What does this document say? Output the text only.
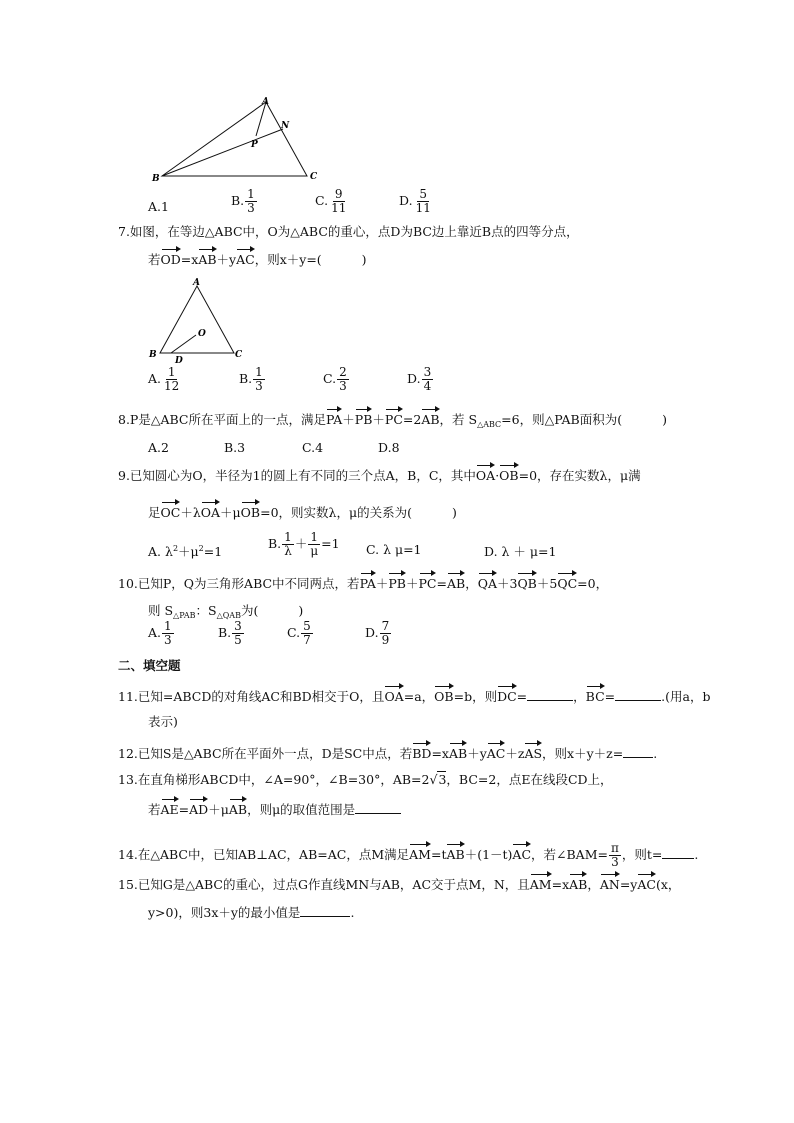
A
N
P
B	C
A.1	B. $\frac{1}{3}$	C. $\frac{9}{11}$	D. $\frac{5}{11}$
7.如图，在等边△ABC中，O为△ABC的重心，点D为BC边上靠近B点的四等分点，
若OD=xAB＋yAC，则x＋y=(	)
A
O
B
D
C
A. $\frac{1}{12}$	B. $\frac{1}{3}$	C. $\frac{2}{3}$	D. $\frac{3}{4}$
8.P是△ABC所在平面上的一点，满足PA＋PB＋PC=2AB，若 $S_{\triangle ABC}=6$，则△PAB面积为(	)
A.2	B.3	C.4	D.8
9.已知圆心为O，半径为1的圆上有不同的三个点A，B，C，其中OA·OB=0，存在实数λ，μ满
足OC＋λOA＋μOB=0，则实数λ，μ的关系为(	)
A. $\lambda^2+\mu^2=1$
B. $\frac{1}{\lambda} + \frac{1}{\mu} =1$ C. λ μ=1	D. λ ＋ μ=1
10.已知P，Q为三角形ABC中不同两点，若PA＋PB＋PC=AB，QA＋3QB＋5QC=0，
则 $S_{\triangle PAB}$：$S_{\triangle QAB}$为(	)
A. $\frac{1}{3}$	B. $\frac{3}{5}$	C. $\frac{5}{7}$	D. $\frac{7}{9}$
二、填空题
11.已知=ABCD的对角线AC和BD相交于O，且OA=a，OB=b，则DC=	，BC=	.(用a，b
表示)
12.已知S是△ABC所在平面外一点，D是SC中点，若BD=xAB＋yAC＋zAS，则x＋y＋z= .
13.在直角梯形ABCD中，∠A=90°，∠B=30°，AB=2√3，BC=2，点E在线段CD上，
若AE=AD＋μAB，则μ的取值范围是
14.在△ABC中，已知AB⊥AC，AB=AC，点M满足AM=tAB＋(1－t)AC，若∠BAM= $\frac{\pi}{3}$ ，则t=	.
15.已知G是△ABC的重心，过点G作直线MN与AB，AC交于点M，N，且AM=xAB，AN=yAC(x，
y>0)，则3x＋y的最小值是	.
